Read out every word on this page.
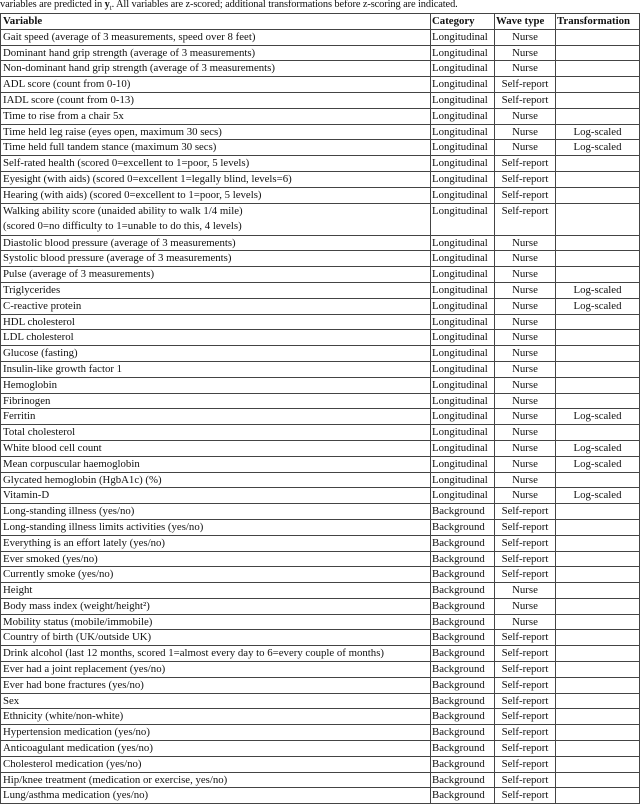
variables are predicted in $y_t$. All variables are z-scored; additional transformations before z-scoring are indicated.
Variable	Category	Wave type	Transformation
Gait speed (average of 3 measurements, speed over 8 feet)	Longitudinal	Nurse	
Dominant hand grip strength (average of 3 measurements)	Longitudinal	Nurse	
Non-dominant hand grip strength (average of 3 measurements)	Longitudinal	Nurse	
ADL score (count from 0-10)	Longitudinal	Self-report	
IADL score (count from 0-13)	Longitudinal	Self-report	
Time to rise from a chair 5x	Longitudinal	Nurse	
Time held leg raise (eyes open, maximum 30 secs)	Longitudinal	Nurse	Log-scaled
Time held full tandem stance (maximum 30 secs)	Longitudinal	Nurse	Log-scaled
Self-rated health (scored 0=excellent to 1=poor, 5 levels)	Longitudinal	Self-report	
Eyesight (with aids) (scored 0=excellent 1=legally blind, levels=6)	Longitudinal	Self-report	
Hearing (with aids) (scored 0=excellent to 1=poor, 5 levels)	Longitudinal	Self-report	
Walking ability score (unaided ability to walk 1/4 mile)
(scored 0=no difficulty to 1=unable to do this, 4 levels)	Longitudinal	Self-report	
Diastolic blood pressure (average of 3 measurements)	Longitudinal	Nurse	
Systolic blood pressure (average of 3 measurements)	Longitudinal	Nurse	
Pulse (average of 3 measurements)	Longitudinal	Nurse	
Triglycerides	Longitudinal	Nurse	Log-scaled
C-reactive protein	Longitudinal	Nurse	Log-scaled
HDL cholesterol	Longitudinal	Nurse	
LDL cholesterol	Longitudinal	Nurse	
Glucose (fasting)	Longitudinal	Nurse	
Insulin-like growth factor 1	Longitudinal	Nurse	
Hemoglobin	Longitudinal	Nurse	
Fibrinogen	Longitudinal	Nurse	
Ferritin	Longitudinal	Nurse	Log-scaled
Total cholesterol	Longitudinal	Nurse	
White blood cell count	Longitudinal	Nurse	Log-scaled
Mean corpuscular haemoglobin	Longitudinal	Nurse	Log-scaled
Glycated hemoglobin (HgbA1c) (%)	Longitudinal	Nurse	
Vitamin-D	Longitudinal	Nurse	Log-scaled
Long-standing illness (yes/no)	Background	Self-report	
Long-standing illness limits activities (yes/no)	Background	Self-report	
Everything is an effort lately (yes/no)	Background	Self-report	
Ever smoked (yes/no)	Background	Self-report	
Currently smoke (yes/no)	Background	Self-report	
Height	Background	Nurse	
Body mass index (weight/height²)	Background	Nurse	
Mobility status (mobile/immobile)	Background	Nurse	
Country of birth (UK/outside UK)	Background	Self-report	
Drink alcohol (last 12 months, scored 1=almost every day to 6=every couple of months)	Background	Self-report	
Ever had a joint replacement (yes/no)	Background	Self-report	
Ever had bone fractures (yes/no)	Background	Self-report	
Sex	Background	Self-report	
Ethnicity (white/non-white)	Background	Self-report	
Hypertension medication (yes/no)	Background	Self-report	
Anticoagulant medication (yes/no)	Background	Self-report	
Cholesterol medication (yes/no)	Background	Self-report	
Hip/knee treatment (medication or exercise, yes/no)	Background	Self-report	
Lung/asthma medication (yes/no)	Background	Self-report	
